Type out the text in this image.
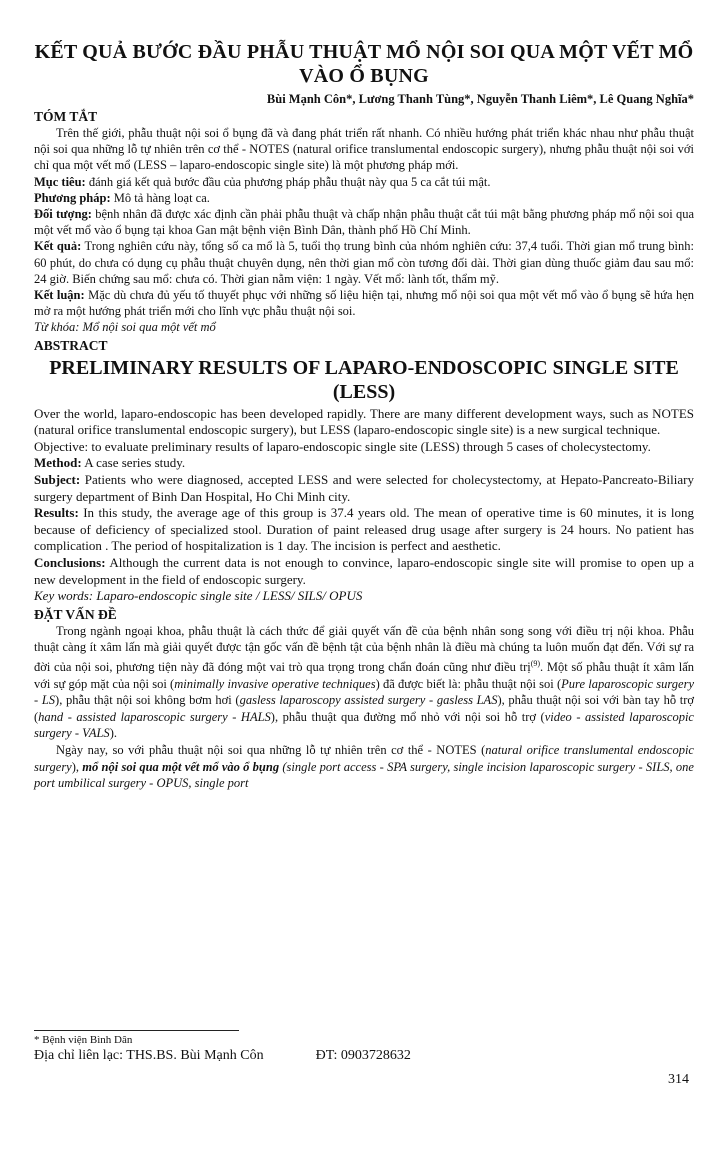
KẾT QUẢ BƯỚC ĐẦU PHẪU THUẬT MỔ NỘI SOI QUA MỘT VẾT MỔ VÀO Ổ BỤNG
Bùi Mạnh Côn*, Lương Thanh Tùng*, Nguyễn Thanh Liêm*, Lê Quang Nghĩa*
TÓM TẮT

Trên thế giới, phẫu thuật nội soi ổ bụng đã và đang phát triển rất nhanh. Có nhiều hướng phát triển khác nhau như phẫu thuật nội soi qua những lỗ tự nhiên trên cơ thể - NOTES (natural orifice translumental endoscopic surgery), nhưng phẫu thuật nội soi với chỉ qua một vết mổ (LESS – laparo-endoscopic single site) là một phương pháp mới.

Mục tiêu: đánh giá kết quả bước đầu của phương pháp phẫu thuật này qua 5 ca cắt túi mật.

Phương pháp: Mô tả hàng loạt ca.

Đối tượng: bệnh nhân đã được xác định cần phải phẫu thuật và chấp nhận phẫu thuật cắt túi mật bằng phương pháp mổ nội soi qua một vết mổ vào ổ bụng tại khoa Gan mật bệnh viện Bình Dân, thành phố Hồ Chí Minh.

Kết quả: Trong nghiên cứu này, tổng số ca mổ là 5, tuổi thọ trung bình của nhóm nghiên cứu: 37,4 tuổi. Thời gian mổ trung bình: 60 phút, do chưa có dụng cụ phẫu thuật chuyên dụng, nên thời gian mổ còn tương đối dài. Thời gian dùng thuốc giảm đau sau mổ: 24 giờ. Biến chứng sau mổ: chưa có. Thời gian nằm viện: 1 ngày. Vết mổ: lành tốt, thẩm mỹ.

Kết luận: Mặc dù chưa đủ yếu tố thuyết phục với những số liệu hiện tại, nhưng mổ nội soi qua một vết mổ vào ổ bụng sẽ hứa hẹn mở ra một hướng phát triển mới cho lĩnh vực phẫu thuật nội soi.

Từ khóa: Mổ nội soi qua một vết mổ

ABSTRACT
PRELIMINARY RESULTS OF LAPARO-ENDOSCOPIC SINGLE SITE (LESS)

Over the world, laparo-endoscopic has been developed rapidly. There are many different development ways, such as NOTES (natural orifice translumental endoscopic surgery), but LESS (laparo-endoscopic single site) is a new surgical technique.

Objective: to evaluate preliminary results of laparo-endoscopic single site (LESS) through 5 cases of cholecystectomy.

Method: A case series study.

Subject: Patients who were diagnosed, accepted LESS and were selected for cholecystectomy, at Hepato-Pancreato-Biliary surgery department of Binh Dan Hospital, Ho Chi Minh city.

Results: In this study, the average age of this group is 37.4 years old. The mean of operative time is 60 minutes, it is long because of deficiency of specialized stool. Duration of paint released drug usage after surgery is 24 hours. No patient has complication . The period of hospitalization is 1 day. The incision is perfect and aesthetic.

Conclusions: Although the current data is not enough to convince, laparo-endoscopic single site will promise to open up a new development in the field of endoscopic surgery.

Key words: Laparo-endoscopic single site / LESS/ SILS/ OPUS

ĐẶT VẤN ĐỀ

Trong ngành ngoại khoa, phẫu thuật là cách thức để giải quyết vấn đề của bệnh nhân song song với điều trị nội khoa. Phẫu thuật càng ít xâm lấn mà giải quyết được tận gốc vấn đề bệnh tật của bệnh nhân là điều mà chúng ta luôn muốn đạt đến. Với sự ra đời của nội soi, phương tiện này đã đóng một vai trò qua trọng trong chẩn đoán cũng như điều trị$^{(9)}$. Một số phẫu thuật ít xâm lấn với sự góp mặt của nội soi (minimally invasive operative techniques) đã được biết là: phẫu thuật nội soi (Pure laparoscopic surgery - LS), phẫu thật nội soi không bơm hơi (gasless laparoscopy assisted surgery - gasless LAS), phẫu thuật nội soi với bàn tay hỗ trợ (hand - assisted laparoscopic surgery - HALS), phẫu thuật qua đường mổ nhỏ với nội soi hỗ trợ (video - assisted laparoscopic surgery - VALS).

Ngày nay, so với phẫu thuật nội soi qua những lỗ tự nhiên trên cơ thể - NOTES (natural orifice translumental endoscopic surgery), mổ nội soi qua một vết mổ vào ổ bụng (single port access - SPA surgery, single incision laparoscopic surgery - SILS, one port umbilical surgery - OPUS, single port

* Bệnh viện Bình Dân
Địa chỉ liên lạc: THS.BS. Bùi Mạnh Côn	ĐT: 0903728632
314
